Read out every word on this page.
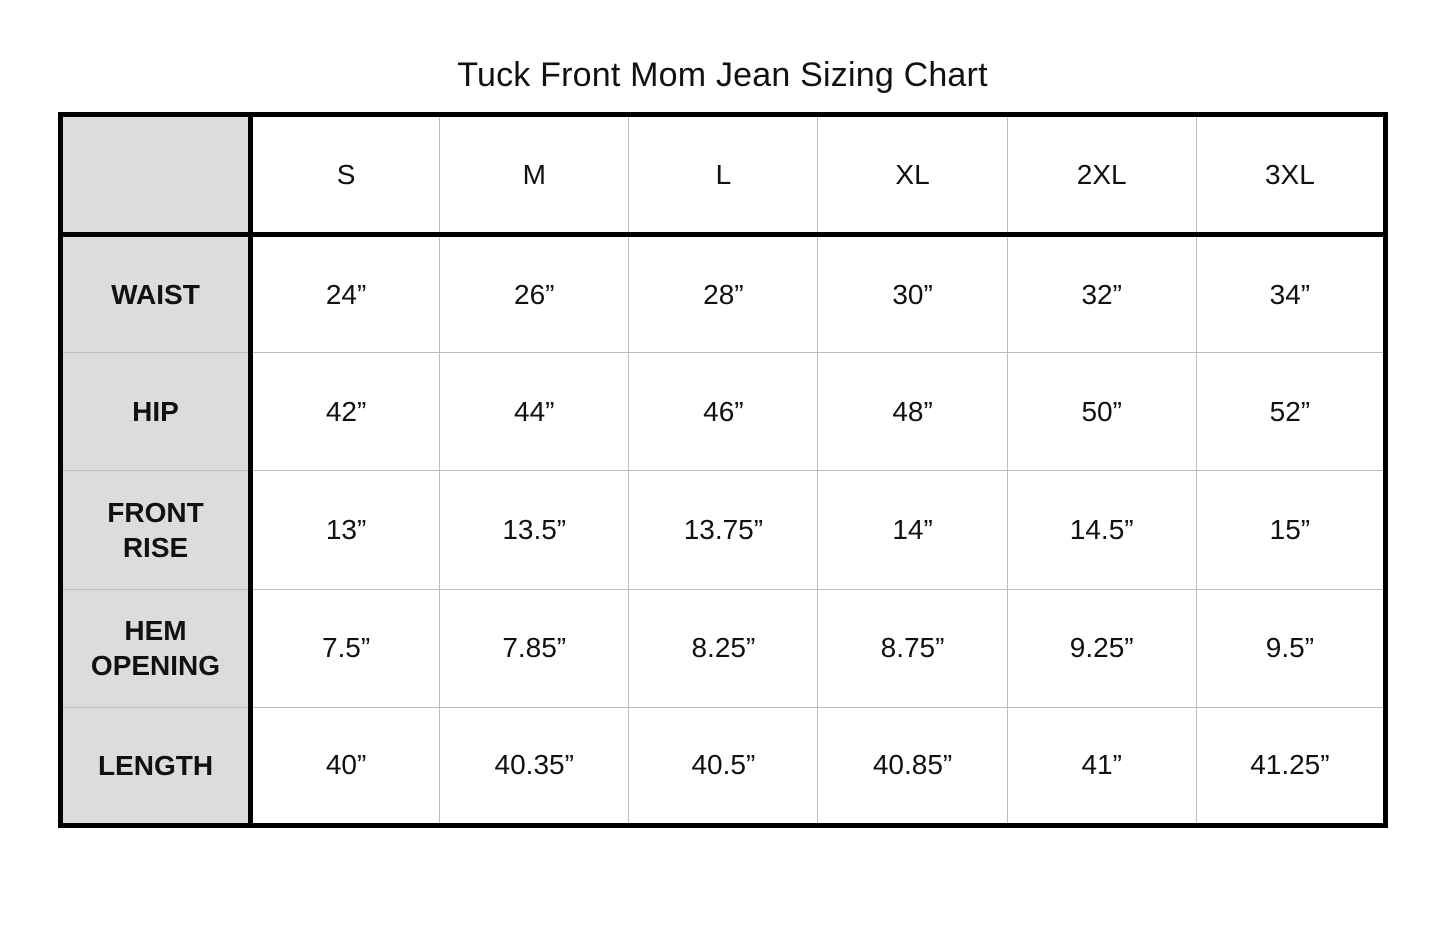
Tuck Front Mom Jean Sizing Chart
	S	M	L	XL	2XL	3XL
WAIST	24”	26”	28”	30”	32”	34”
HIP	42”	44”	46”	48”	50”	52”
FRONT
RISE	13”	13.5”	13.75”	14”	14.5”	15”
HEM
OPENING	7.5”	7.85”	8.25”	8.75”	9.25”	9.5”
LENGTH	40”	40.35”	40.5”	40.85”	41”	41.25”
